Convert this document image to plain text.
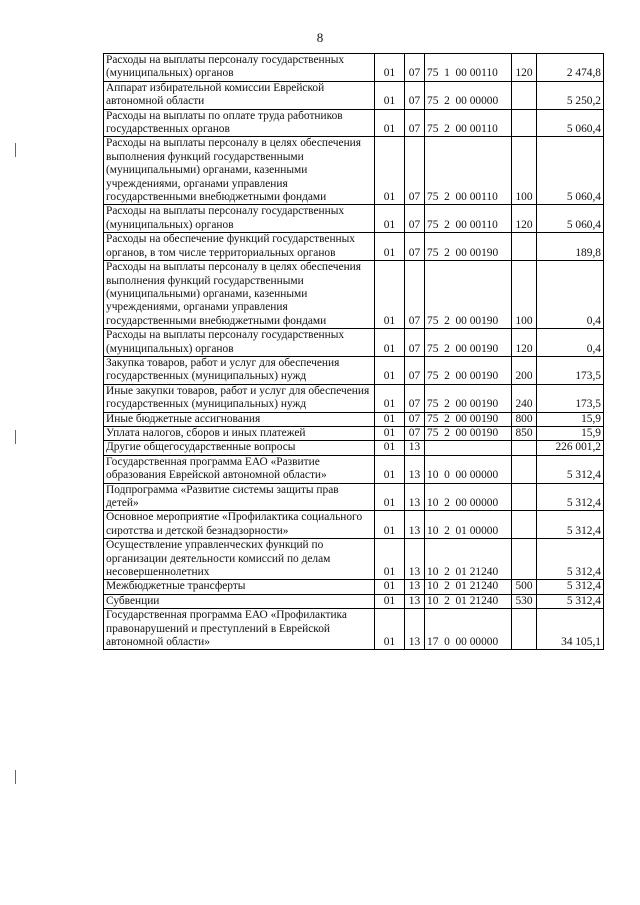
8
Расходы на выплаты персоналу государственных (муниципальных) органов	01	07	75  1  00 00110	120	2 474,8
Аппарат избирательной комиссии Еврейской автономной области	01	07	75  2  00 00000		5 250,2
Расходы на выплаты по оплате труда работников государственных органов	01	07	75  2  00 00110		5 060,4
Расходы на выплаты персоналу в целях обеспечения выполнения функций государственными (муниципальными) органами, казенными учреждениями, органами управления государственными внебюджетными фондами	01	07	75  2  00 00110	100	5 060,4
Расходы на выплаты персоналу государственных (муниципальных) органов	01	07	75  2  00 00110	120	5 060,4
Расходы на обеспечение функций государственных органов, в том числе территориальных органов	01	07	75  2  00 00190		189,8
Расходы на выплаты персоналу в целях обеспечения выполнения функций государственными (муниципальными) органами, казенными учреждениями, органами управления государственными внебюджетными фондами	01	07	75  2  00 00190	100	0,4
Расходы на выплаты персоналу государственных (муниципальных) органов	01	07	75  2  00 00190	120	0,4
Закупка товаров, работ и услуг для обеспечения государственных (муниципальных) нужд	01	07	75  2  00 00190	200	173,5
Иные закупки товаров, работ и услуг для обеспечения государственных (муниципальных) нужд	01	07	75  2  00 00190	240	173,5
Иные бюджетные ассигнования	01	07	75  2  00 00190	800	15,9
Уплата налогов, сборов и иных платежей	01	07	75  2  00 00190	850	15,9
Другие общегосударственные вопросы	01	13			226 001,2
Государственная программа ЕАО «Развитие образования Еврейской автономной области»	01	13	10  0  00 00000		5 312,4
Подпрограмма «Развитие системы защиты прав детей»	01	13	10  2  00 00000		5 312,4
Основное мероприятие «Профилактика социального сиротства и детской безнадзорности»	01	13	10  2  01 00000		5 312,4
Осуществление управленческих функций по организации деятельности комиссий по делам несовершеннолетних	01	13	10  2  01 21240		5 312,4
Межбюджетные трансферты	01	13	10  2  01 21240	500	5 312,4
Субвенции	01	13	10  2  01 21240	530	5 312,4
Государственная программа ЕАО «Профилактика правонарушений и преступлений в Еврейской автономной области»	01	13	17  0  00 00000		34 105,1
